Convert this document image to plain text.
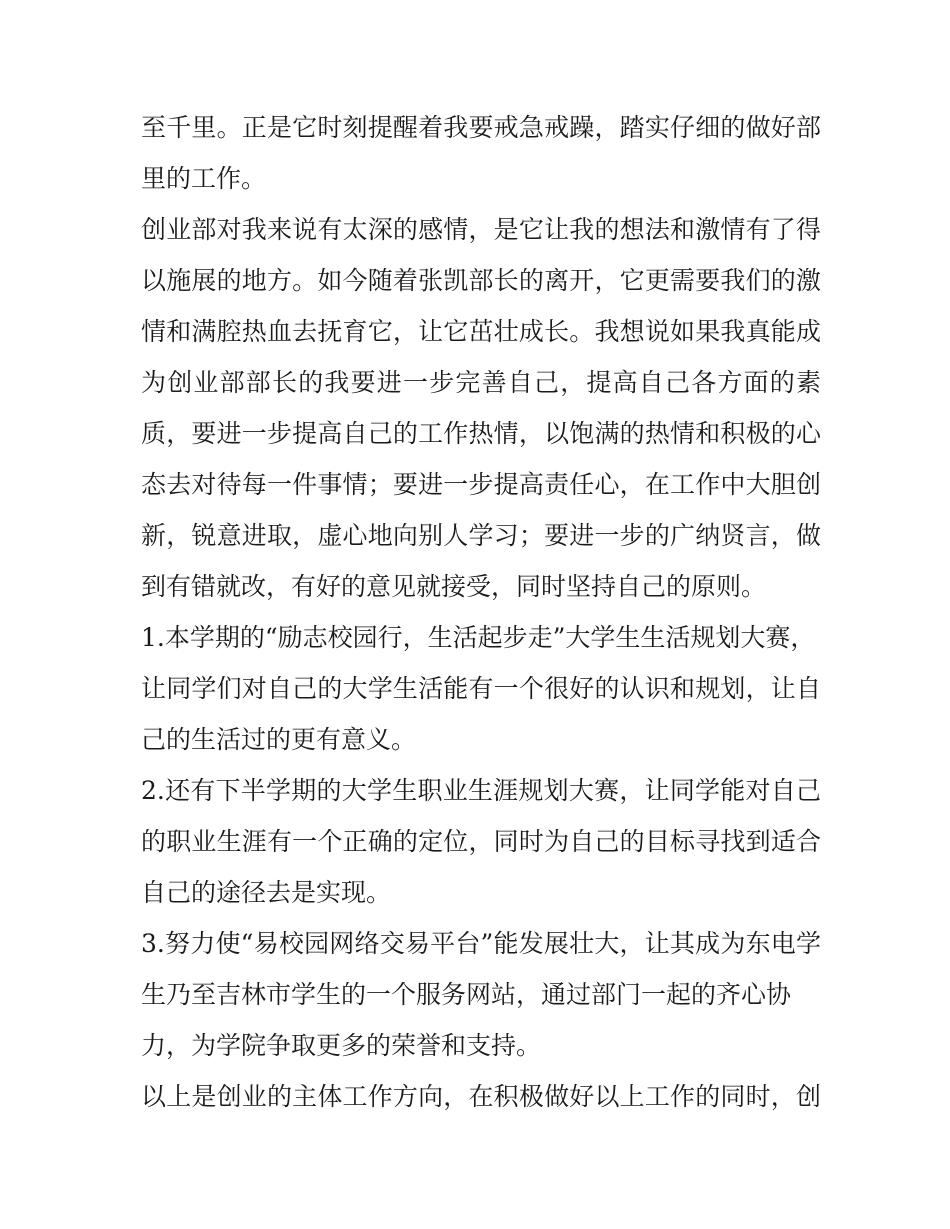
至千里。正是它时刻提醒着我要戒急戒躁，踏实仔细的做好部
里的工作。

创业部对我来说有太深的感情，是它让我的想法和激情有了得
以施展的地方。如今随着张凯部长的离开，它更需要我们的激
情和满腔热血去抚育它，让它茁壮成长。我想说如果我真能成
为创业部部长的我要进一步完善自己，提高自己各方面的素
质，要进一步提高自己的工作热情，以饱满的热情和积极的心
态去对待每一件事情；要进一步提高责任心，在工作中大胆创
新，锐意进取，虚心地向别人学习；要进一步的广纳贤言，做
到有错就改，有好的意见就接受，同时坚持自己的原则。

1.本学期的“励志校园行，生活起步走”大学生生活规划大赛，
让同学们对自己的大学生活能有一个很好的认识和规划，让自
己的生活过的更有意义。

2.还有下半学期的大学生职业生涯规划大赛，让同学能对自己
的职业生涯有一个正确的定位，同时为自己的目标寻找到适合
自己的途径去是实现。

3.努力使“易校园网络交易平台”能发展壮大，让其成为东电学
生乃至吉林市学生的一个服务网站，通过部门一起的齐心协
力，为学院争取更多的荣誉和支持。

以上是创业的主体工作方向，在积极做好以上工作的同时，创
